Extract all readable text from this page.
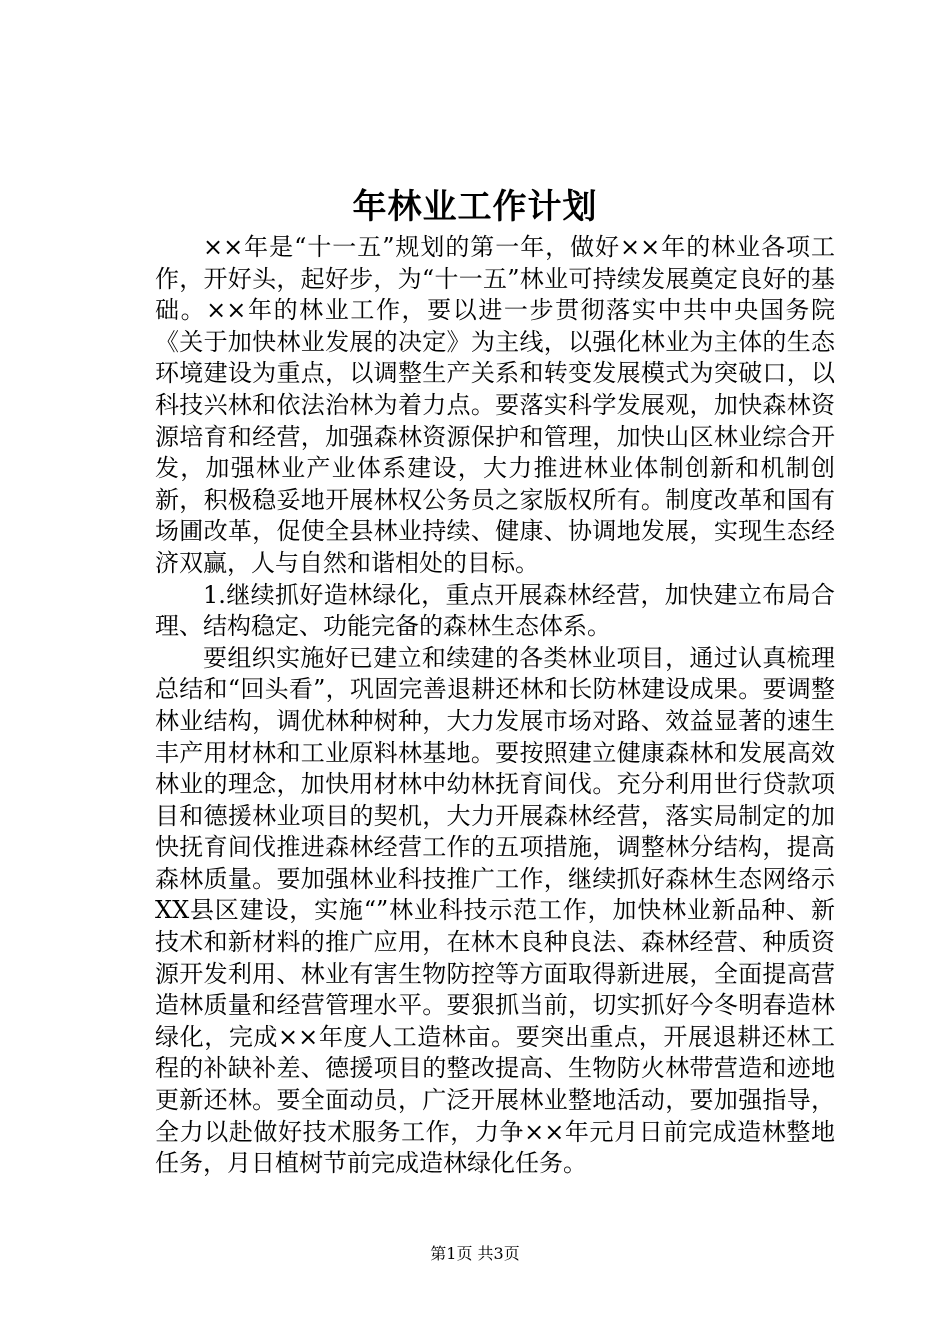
年林业工作计划

××年是“十一五”规划的第一年，做好××年的林业各项工作，开好头，起好步，为“十一五”林业可持续发展奠定良好的基础。××年的林业工作，要以进一步贯彻落实中共中央国务院《关于加快林业发展的决定》为主线，以强化林业为主体的生态环境建设为重点，以调整生产关系和转变发展模式为突破口，以科技兴林和依法治林为着力点。要落实科学发展观，加快森林资源培育和经营，加强森林资源保护和管理，加快山区林业综合开发，加强林业产业体系建设，大力推进林业体制创新和机制创新，积极稳妥地开展林权公务员之家版权所有。制度改革和国有场圃改革，促使全县林业持续、健康、协调地发展，实现生态经济双赢，人与自然和谐相处的目标。

1.继续抓好造林绿化，重点开展森林经营，加快建立布局合理、结构稳定、功能完备的森林生态体系。

要组织实施好已建立和续建的各类林业项目，通过认真梳理总结和“回头看”，巩固完善退耕还林和长防林建设成果。要调整林业结构，调优林种树种，大力发展市场对路、效益显著的速生丰产用材林和工业原料林基地。要按照建立健康森林和发展高效林业的理念，加快用材林中幼林抚育间伐。充分利用世行贷款项目和德援林业项目的契机，大力开展森林经营，落实局制定的加快抚育间伐推进森林经营工作的五项措施，调整林分结构，提高森林质量。要加强林业科技推广工作，继续抓好森林生态网络示XX县区建设，实施“”林业科技示范工作，加快林业新品种、新技术和新材料的推广应用，在林木良种良法、森林经营、种质资源开发利用、林业有害生物防控等方面取得新进展，全面提高营造林质量和经营管理水平。要狠抓当前，切实抓好今冬明春造林绿化，完成××年度人工造林亩。要突出重点，开展退耕还林工程的补缺补差、德援项目的整改提高、生物防火林带营造和迹地更新还林。要全面动员，广泛开展林业整地活动，要加强指导，全力以赴做好技术服务工作，力争××年元月日前完成造林整地任务，月日植树节前完成造林绿化任务。

第1页 共3页
